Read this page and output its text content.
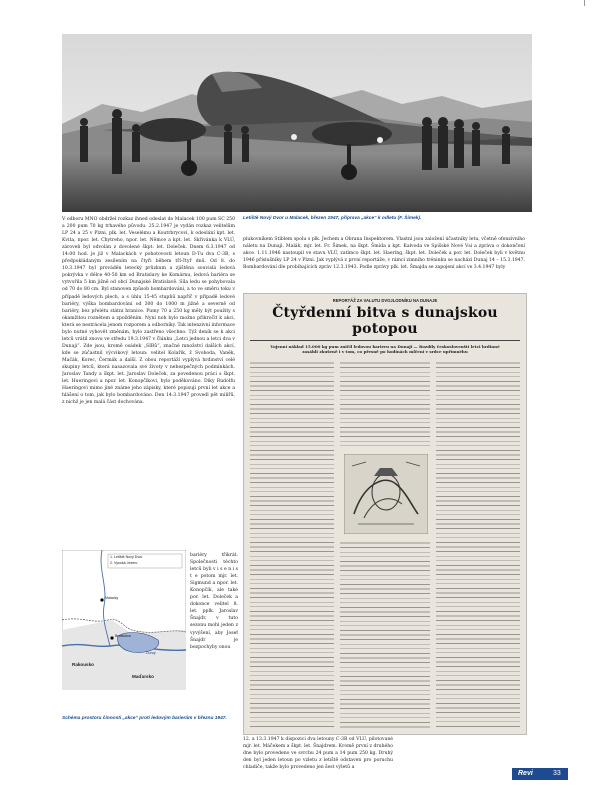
V odboru MNO obdržel rozkaz ihned odeslat do Malacek 100 pum SC 250 a 200 pum 70 kg trhavého původu. 25.2.1947 je vydán rozkaz velitelům LP 24 a 25 v Plzni, plk. let. Veselému a Koutrbrycovi, k odeslání kpt. let. Kvita, npor. let. Chytreho, npor. let. Němce a kpt. let. Skřivánka k VLÚ, zároveň byl odvolán z dovolené škpt. let. Doleček. Dnem 6.3.1947 od 14:00 hod. je již v Malackách v pohotovosti letoun D-Tu dva C-3B, s předpokládaným zesílením na čtyři během tří-čtyř dnů. Od 8. do 10.3.1947 byl prováděn letecký průzkum a zjištěna souvislá ledová pokrývka v délce 40-50 km od Bratislavy ke Komárnu, ledová bariéra se vytvořila 5 km jižně od obcí Dunajské Bratislavě. Síla ledu se pohybovala od 70 do 80 cm. Byl stanoven způsob bombardování, a to ve směru toku v případě ledových plech, a s úhlu 15-45 stupňů napříč v případě ledové bariéry, výška bombardování od 300 do 1000 m jižně a severně od bariéry, bez přelétu státní hranice. Pumy 70 a 250 kg měly být použity s okamžitou roznětem a zpožděním. Nyní noh bylo možno přikročit k akci, která se nestrácela jenom rozporem a odborníky. Tak intenzivní informace bylo nutné vyhovět změnám, bylo zastřeno všechno. Týž deník se k akci letců vrátil znovu ve středu 19.3.1947 v článku „Letci jednou a letci dva v Dunaji“. Zde jsou, kromě osádek „SIBů“, značné množství dalších akcí, kde se zúčastnil výcvikový letoun: velitel Kolařík, ž Svoboda, Vaněk, Mačák, Korec, Čermák a další. Z obou reportáží vyplývá hrdinství celé skupiny letců, která nasazovala své životy v nebezpečných podmínkách. Jaroslav Tandy a škpt. let. Jaroslav Doleček, za povedenou práci s škpt. let. Hueringovi a npor. let. Konopčíkovi, bylo poděkováno. Díky Rudolfu Haeringovi mimo jiné známe jeho zápisky, které popisují první let akce a hlášení o tom, jak bylo bombardováno. Den 14.3.1947 provedl pět milířů, z nichž je jen malá část dochována.

Letiště Nový Dvor u Malacek, březen 1947, příprava „akce“ k odletu (F. Šimek).

plukovníkem Stiblem spolu s plk. Jechem a Obrana Inspektorem. Vlastní jsou založení účastníky letu, včetně ofenzivního náletu na Dunaji. Malák, mjr. let. Fr. Šimek, na škpt. Šmída a kpt. Kalvoda ve Spišské Nové Vsi a zpráva o dokončení akce. 1.11.1946 nastoupil ve stavu VLÚ, zatímco škpt. let. Haering, škpt. let. Doleček a por. let. Doleček byli v květnu 1946 příslušníky LP 24 v Plzni. Jak vyplývá z první reportáže, v rámci zimního tréninku se nachází Dunaj 14 – 15.3.1947. Bombardování dle probíhajících zpráv 12.3.1943. Podle zprávy plk. let. Šmajda se zapojení akcí ve 3.4.1947 byly

REPORTÁŽ ZA VALUTU DVOJLODNÍKU NA DUNAJE
Čtyřdenní bitva s dunajskou potopou
Vojenní náklad 15.000 kg pum zničil ledovou barieru na Dunaji — Rozdíly českoslovenští letci hrdinné zasáhli zkušeně i v tom, co přesně po hodinách mlčení v srdce upřímnéhu
1. Letiště Nový Dvor
2. Vysoká Jezero
Malacky
Bratislava
Dunaj
Rakousko
Maďarsko
Schéma prostoru činnosti „akce“ proti ledovým barierám v březnu 1947.

bariéry třikrát. Společnosti téchto letců byli v i s e n i s t e potom mjr. let. Sigmund a npor. let. Konopčík, ale také por. let. Doleček a dokonce velitel 8. let. pplk. Jaroslav Šnajdr, v tuto sezonu mohl jeden z vyvýšení, aby Josef Šnajdr je bezpochyby onou

12. a 13.3.1947 k dispozici dva letouny C-3B od VLÚ, pilotované mjr. let. Máčekem a škpt. let. Šnajdrem. Kromě první z druhého dne bylo provedeno ve svrchu 24 pum a 14 pum 250 kg. Druhý den byl jeden letoun po vzletu z letiště odstaven pro poruchu chladiče, takže bylo provedeno jen šest výletů a

Revi	33
